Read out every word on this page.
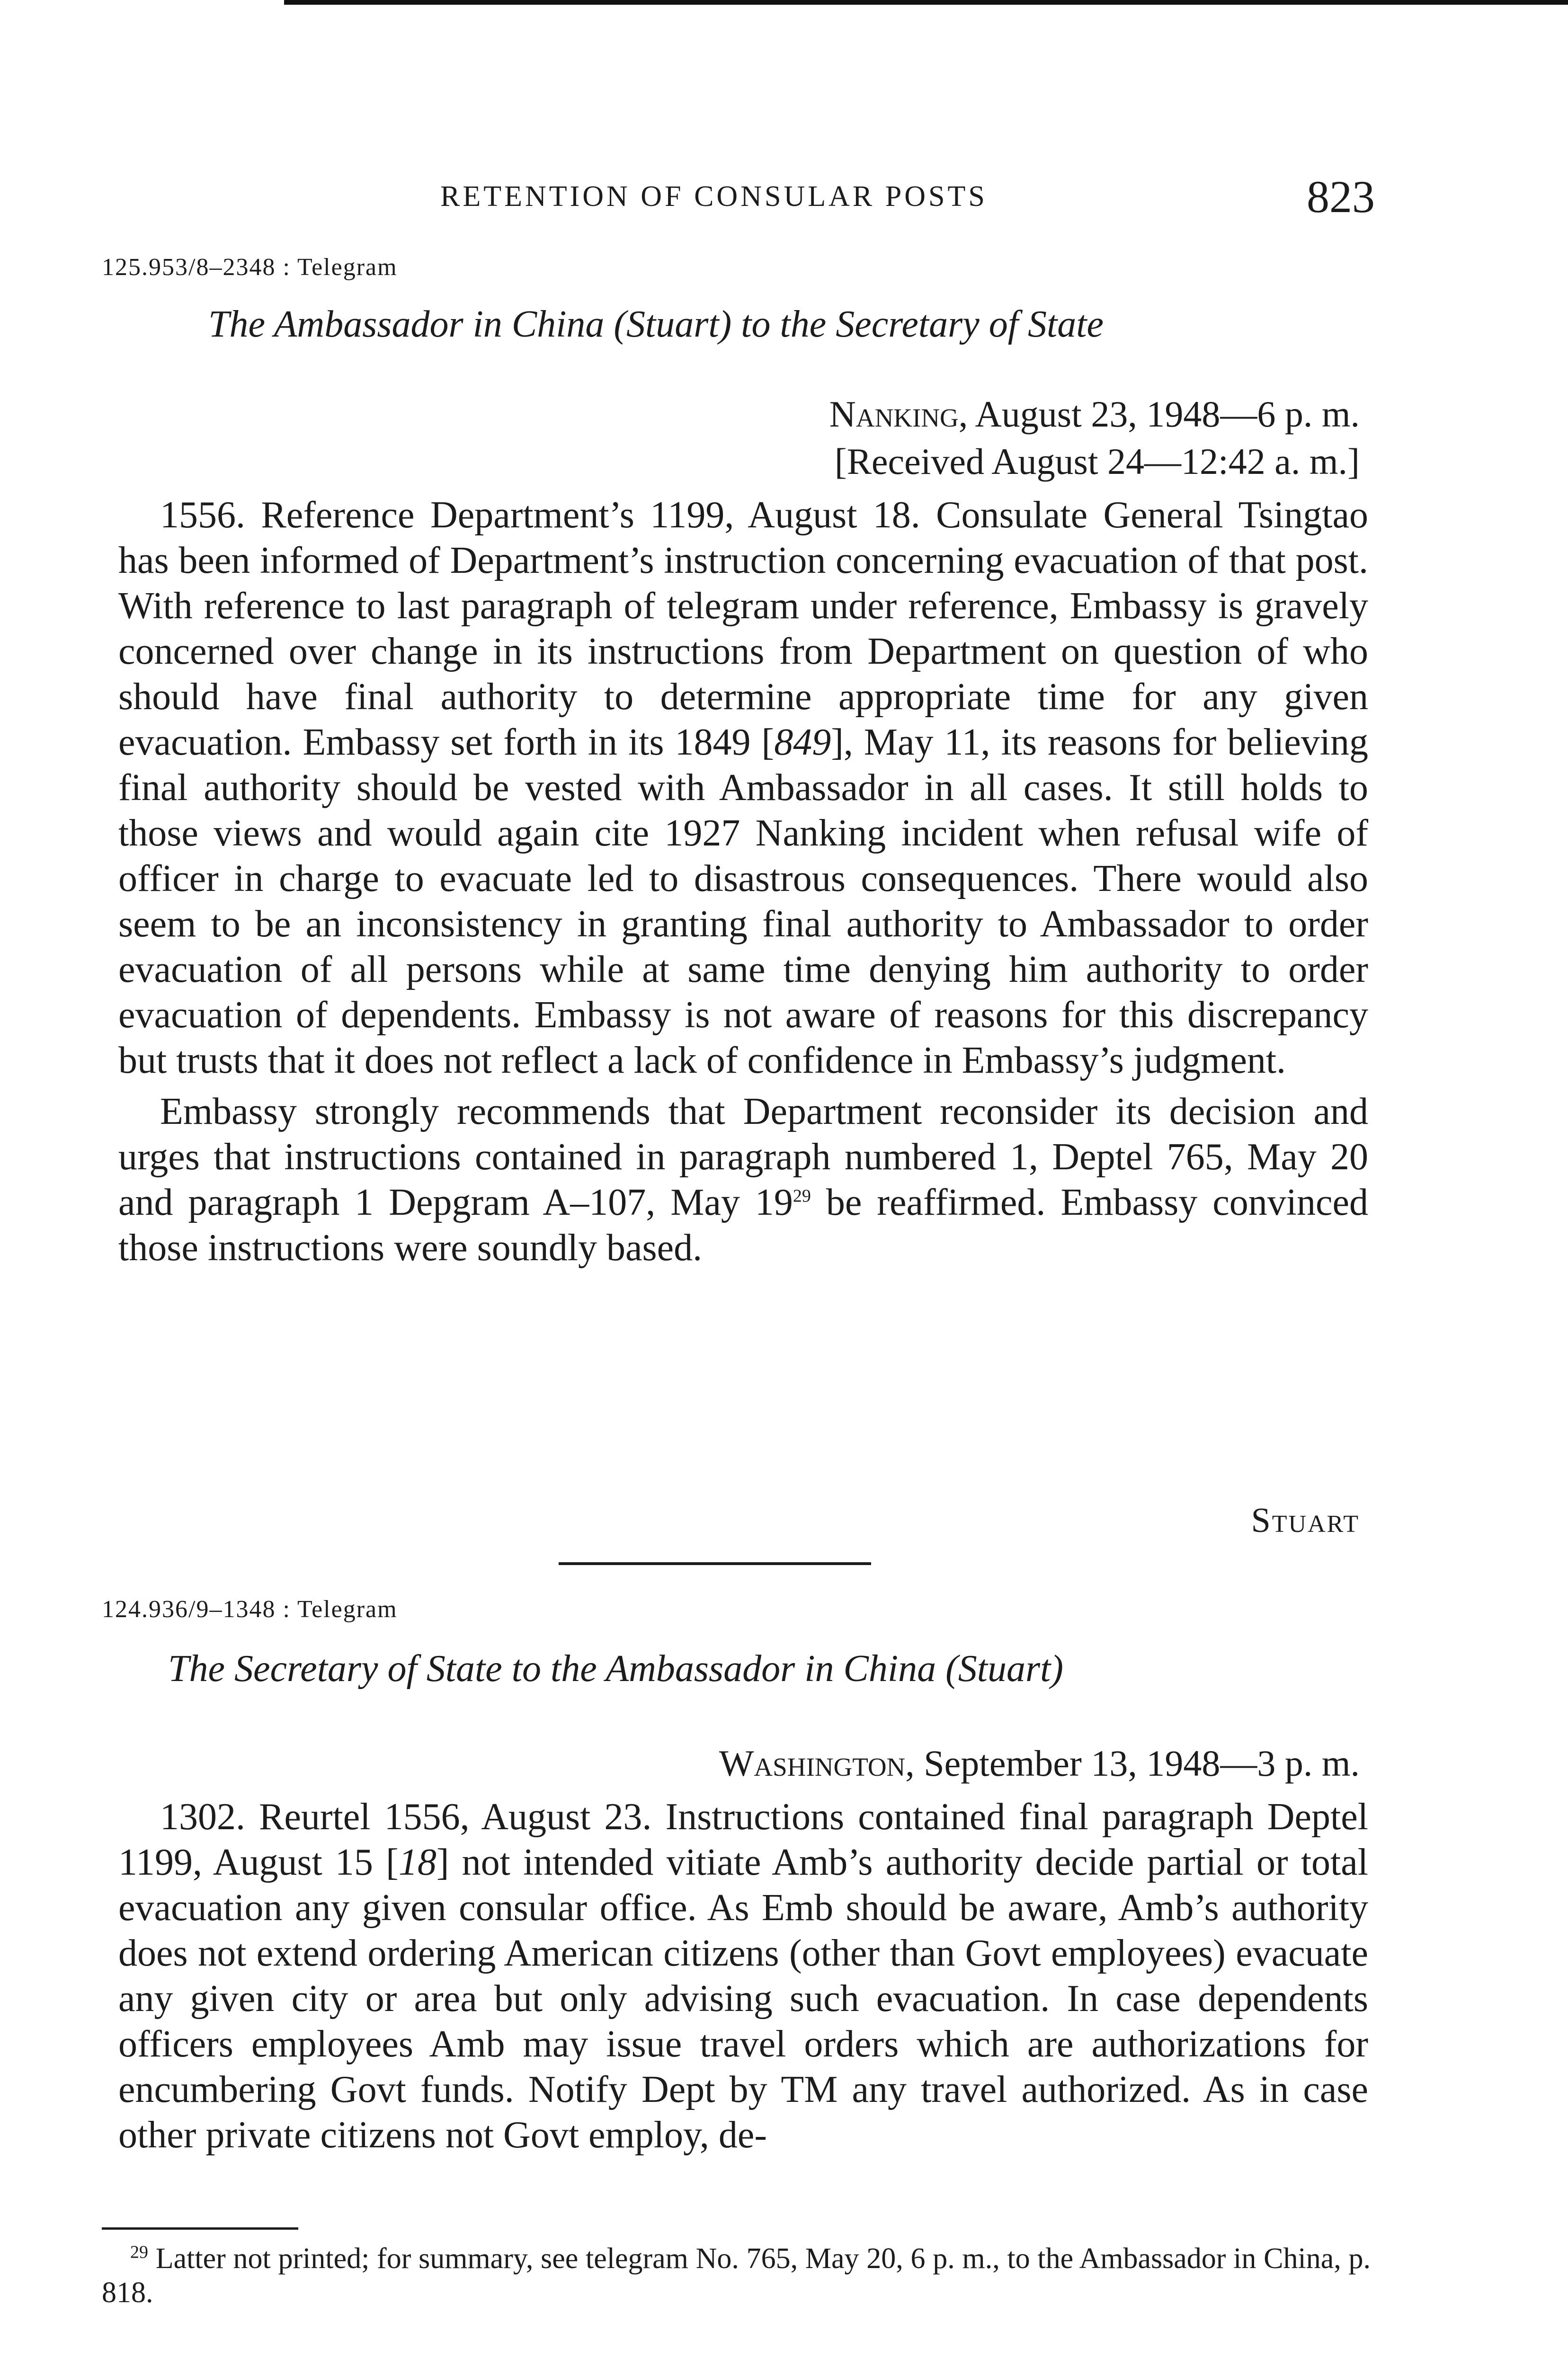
RETENTION OF CONSULAR POSTS	823
125.953/8–2348 : Telegram
The Ambassador in China (Stuart) to the Secretary of State
Nanking, August 23, 1948—6 p. m.
[Received August 24—12:42 a. m.]

1556. Reference Department’s 1199, August 18. Consulate General Tsingtao has been informed of Department’s instruction concerning evacuation of that post. With reference to last paragraph of telegram under reference, Embassy is gravely concerned over change in its instructions from Department on question of who should have final authority to determine appropriate time for any given evacuation. Embassy set forth in its 1849 [849], May 11, its reasons for believing final authority should be vested with Ambassador in all cases. It still holds to those views and would again cite 1927 Nanking incident when refusal wife of officer in charge to evacuate led to disastrous consequences. There would also seem to be an inconsistency in granting final authority to Ambassador to order evacuation of all persons while at same time denying him authority to order evacuation of dependents. Embassy is not aware of reasons for this discrepancy but trusts that it does not reflect a lack of confidence in Embassy’s judgment.

Embassy strongly recommends that Department reconsider its decision and urges that instructions contained in paragraph numbered 1, Deptel 765, May 20 and paragraph 1 Depgram A–107, May 19$^{29}$ be reaffirmed. Embassy convinced those instructions were soundly based.

Stuart
124.936/9–1348 : Telegram
The Secretary of State to the Ambassador in China (Stuart)
Washington, September 13, 1948—3 p. m.

1302. Reurtel 1556, August 23. Instructions contained final paragraph Deptel 1199, August 15 [18] not intended vitiate Amb’s authority decide partial or total evacuation any given consular office. As Emb should be aware, Amb’s authority does not extend ordering American citizens (other than Govt employees) evacuate any given city or area but only advising such evacuation. In case dependents officers employees Amb may issue travel orders which are authorizations for encumbering Govt funds. Notify Dept by TM any travel authorized. As in case other private citizens not Govt employ, de-

$^{29}$ Latter not printed; for summary, see telegram No. 765, May 20, 6 p. m., to the Ambassador in China, p. 818.
